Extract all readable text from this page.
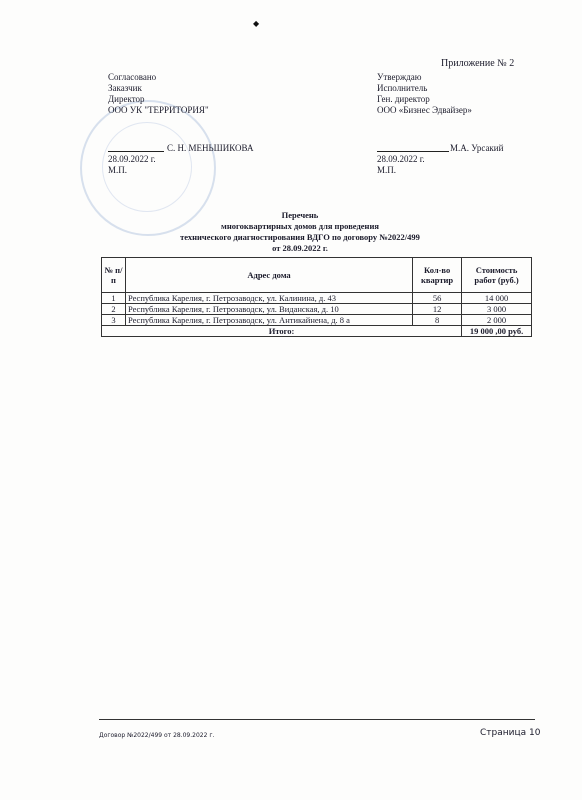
◆
Приложение № 2
Согласовано
Заказчик
Директор
ООО УК "ТЕРРИТОРИЯ"
Утверждаю
Исполнитель
Ген. директор
ООО «Бизнес Эдвайзер»
С. Н. МЕНЬШИКОВА
28.09.2022 г.
М.П.
М.А. Урсакий
28.09.2022 г.
М.П.
Перечень
многоквартирных домов для проведения
технического диагностирования ВДГО по договору №2022/499
от 28.09.2022 г.
№ п/п	Адрес дома	Кол-во квартир	Стоимость работ (руб.)
1	Республика Карелия, г. Петрозаводск, ул. Калинина, д. 43	56	14 000
2	Республика Карелия, г. Петрозаводск, ул. Виданская, д. 10	12	3 000
3	Республика Карелия, г. Петрозаводск, ул. Антикайнена, д. 8 а	8	2 000
Итого:			19 000 ,00 руб.
Договор №2022/499 от 28.09.2022 г.	Страница 10
